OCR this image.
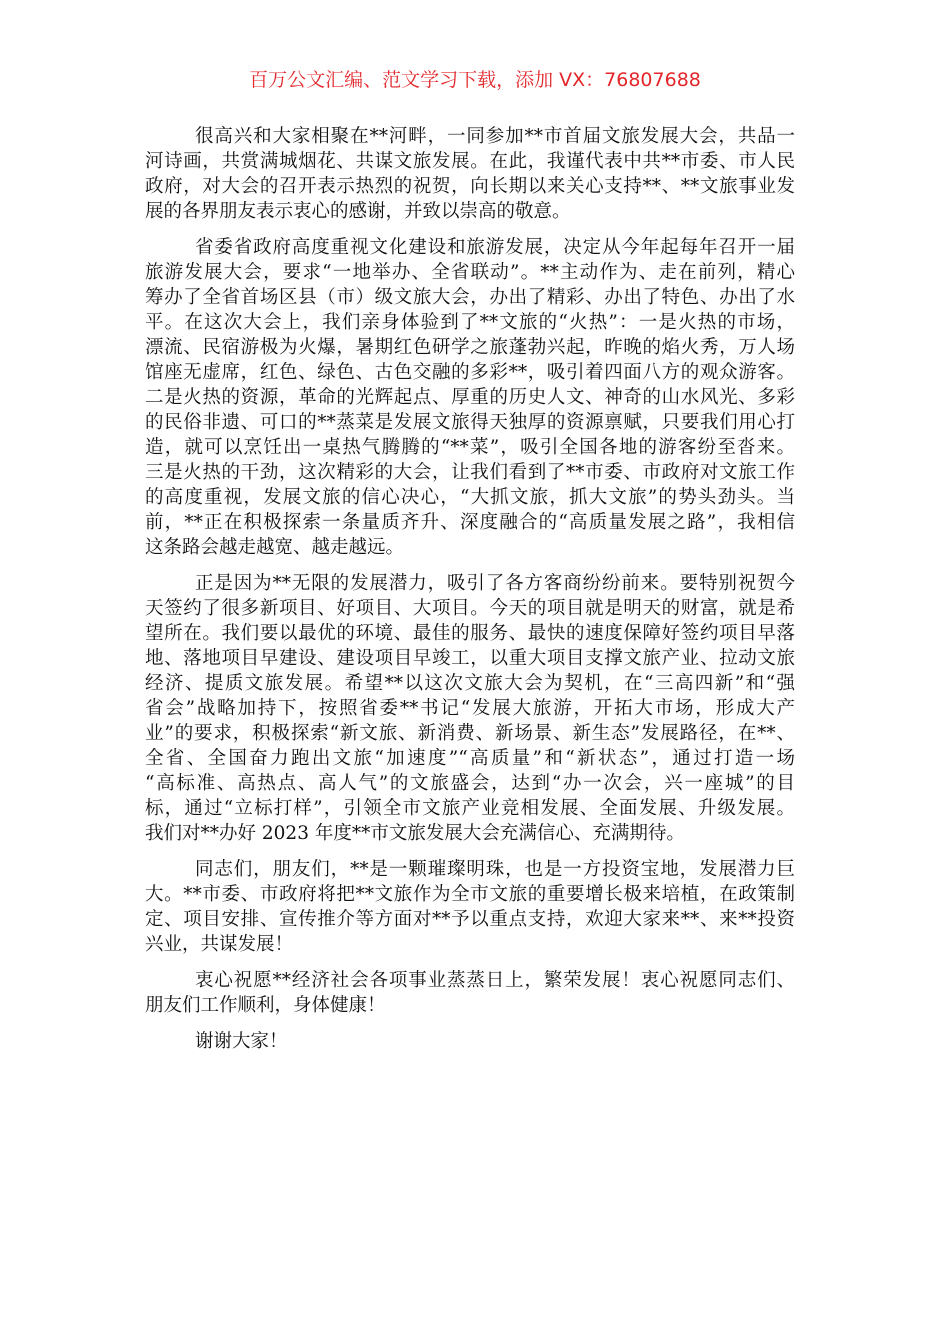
百万公文汇编、范文学习下载，添加 VX：76807688
很高兴和大家相聚在**河畔，一同参加**市首届文旅发展大会，共品一
河诗画，共赏满城烟花、共谋文旅发展。在此，我谨代表中共**市委、市人民
政府，对大会的召开表示热烈的祝贺，向长期以来关心支持**、**文旅事业发
展的各界朋友表示衷心的感谢，并致以崇高的敬意。
省委省政府高度重视文化建设和旅游发展，决定从今年起每年召开一届
旅游发展大会，要求“一地举办、全省联动”。**主动作为、走在前列，精心
筹办了全省首场区县（市）级文旅大会，办出了精彩、办出了特色、办出了水
平。在这次大会上，我们亲身体验到了**文旅的“火热”：一是火热的市场，
漂流、民宿游极为火爆，暑期红色研学之旅蓬勃兴起，昨晚的焰火秀，万人场
馆座无虚席，红色、绿色、古色交融的多彩**，吸引着四面八方的观众游客。
二是火热的资源，革命的光辉起点、厚重的历史人文、神奇的山水风光、多彩
的民俗非遗、可口的**蒸菜是发展文旅得天独厚的资源禀赋，只要我们用心打
造，就可以烹饪出一桌热气腾腾的“**菜”，吸引全国各地的游客纷至沓来。
三是火热的干劲，这次精彩的大会，让我们看到了**市委、市政府对文旅工作
的高度重视，发展文旅的信心决心，“大抓文旅，抓大文旅”的势头劲头。当
前，**正在积极探索一条量质齐升、深度融合的“高质量发展之路”，我相信
这条路会越走越宽、越走越远。
正是因为**无限的发展潜力，吸引了各方客商纷纷前来。要特别祝贺今
天签约了很多新项目、好项目、大项目。今天的项目就是明天的财富，就是希
望所在。我们要以最优的环境、最佳的服务、最快的速度保障好签约项目早落
地、落地项目早建设、建设项目早竣工，以重大项目支撑文旅产业、拉动文旅
经济、提质文旅发展。希望**以这次文旅大会为契机，在“三高四新”和“强
省会”战略加持下，按照省委**书记“发展大旅游，开拓大市场，形成大产
业”的要求，积极探索“新文旅、新消费、新场景、新生态”发展路径，在**、
全省、全国奋力跑出文旅“加速度”“高质量”和“新状态”，通过打造一场
“高标准、高热点、高人气”的文旅盛会，达到“办一次会，兴一座城”的目
标，通过“立标打样”，引领全市文旅产业竞相发展、全面发展、升级发展。
我们对**办好 2023 年度**市文旅发展大会充满信心、充满期待。
同志们，朋友们，**是一颗璀璨明珠，也是一方投资宝地，发展潜力巨
大。**市委、市政府将把**文旅作为全市文旅的重要增长极来培植，在政策制
定、项目安排、宣传推介等方面对**予以重点支持，欢迎大家来**、来**投资
兴业，共谋发展！
衷心祝愿**经济社会各项事业蒸蒸日上，繁荣发展！衷心祝愿同志们、
朋友们工作顺利，身体健康！
谢谢大家！
